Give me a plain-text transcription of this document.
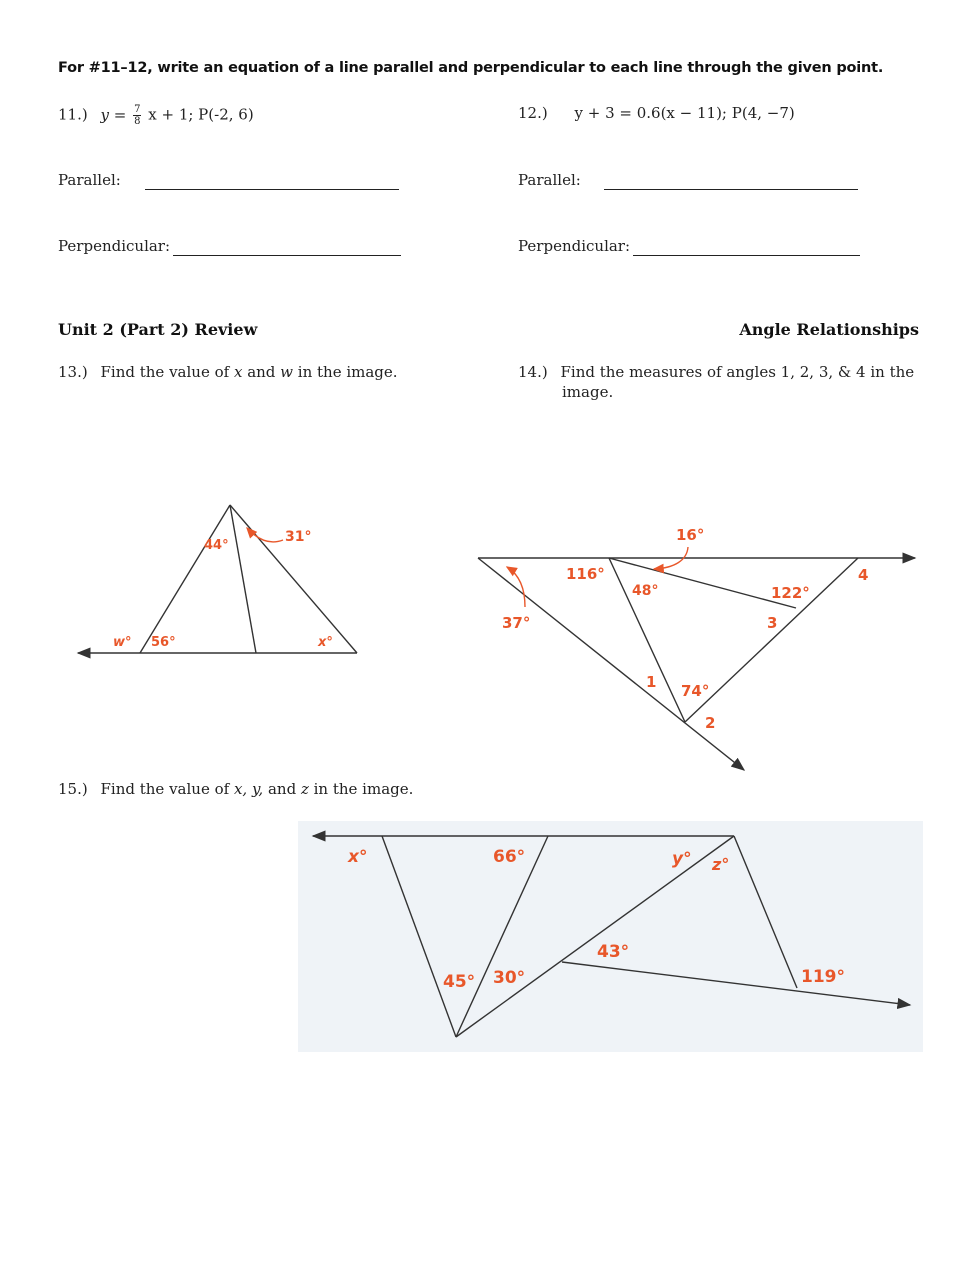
For #11–12, write an equation of a line parallel and perpendicular to each line through the given point.
11.) $y = \frac{7}{8}$ x + 1; P(-2, 6)	12.) y + 3 = 0.6(x − 11); P(4, −7)
Parallel:	Parallel:
Perpendicular:	Perpendicular:
Unit 2 (Part 2) Review	Angle Relationships
13.) Find the value of x and w in the image.	14.) Find the measures of angles 1, 2, 3, & 4 in the
image.
44°
31°
w° 56°	x°
16°
116°
48°	122°
4
37°	3
1 74°
2
15.) Find the value of x, y, and z in the image.
x°	66°	y° z°
43°
45° 30°	119°
